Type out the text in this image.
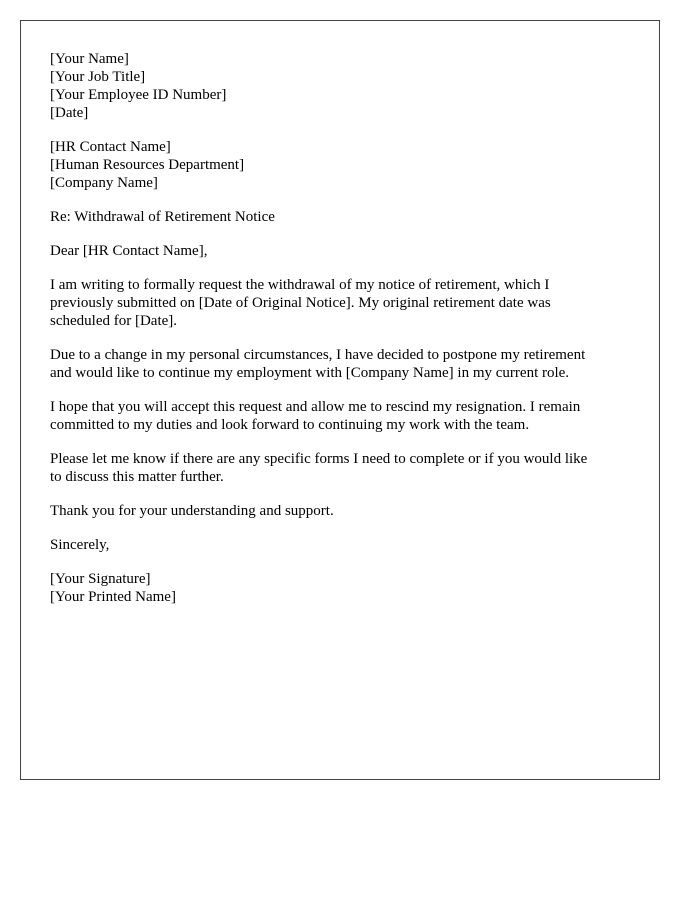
[Your Name]
[Your Job Title]
[Your Employee ID Number]
[Date]
[HR Contact Name]
[Human Resources Department]
[Company Name]
Re: Withdrawal of Retirement Notice
Dear [HR Contact Name],
I am writing to formally request the withdrawal of my notice of retirement, which I
previously submitted on [Date of Original Notice]. My original retirement date was
scheduled for [Date].
Due to a change in my personal circumstances, I have decided to postpone my retirement
and would like to continue my employment with [Company Name] in my current role.
I hope that you will accept this request and allow me to rescind my resignation. I remain
committed to my duties and look forward to continuing my work with the team.
Please let me know if there are any specific forms I need to complete or if you would like
to discuss this matter further.
Thank you for your understanding and support.
Sincerely,
[Your Signature]
[Your Printed Name]
